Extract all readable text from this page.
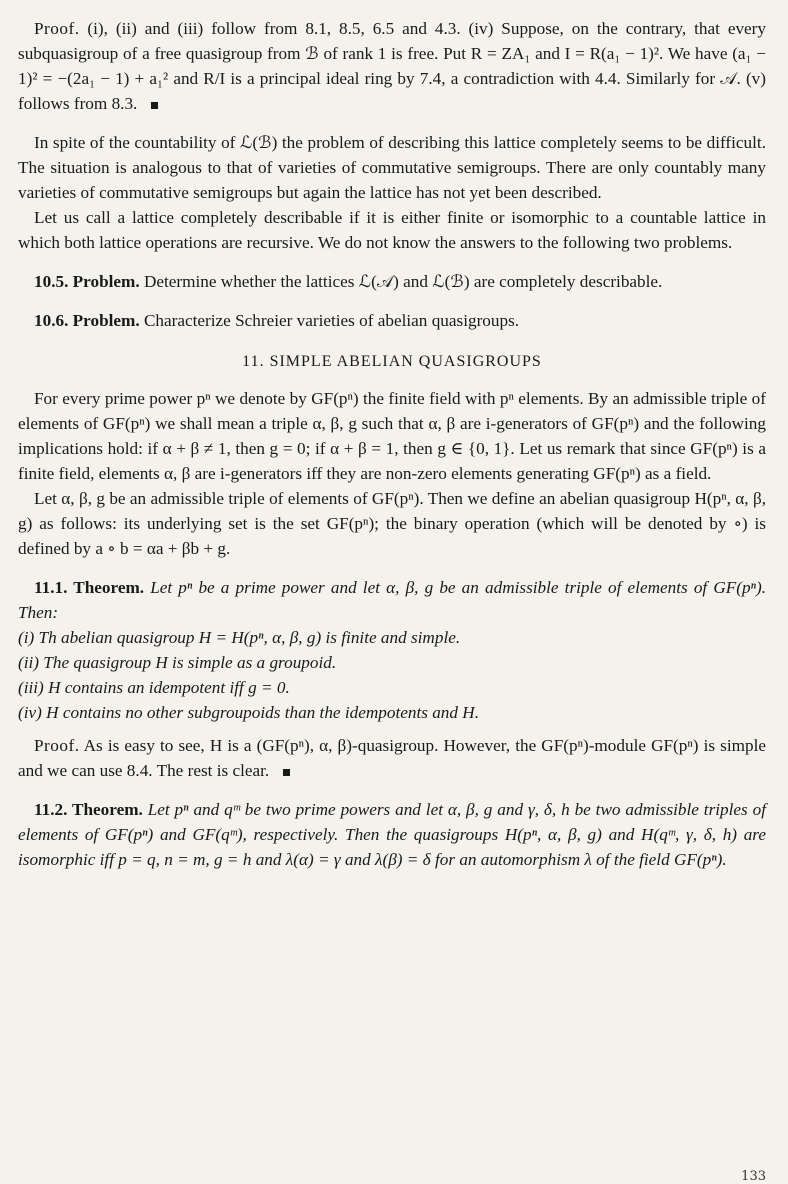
Proof. (i), (ii) and (iii) follow from 8.1, 8.5, 6.5 and 4.3. (iv) Suppose, on the contrary, that every subquasigroup of a free quasigroup from ℬ of rank 1 is free. Put R = ZA₁ and I = R(a₁ − 1)². We have (a₁ − 1)² = −(2a₁ − 1) + a₁² and R/I is a principal ideal ring by 7.4, a contradiction with 4.4. Similarly for 𝒜. (v) follows from 8.3.

In spite of the countability of ℒ(ℬ) the problem of describing this lattice completely seems to be difficult. The situation is analogous to that of varieties of commutative semigroups. There are only countably many varieties of commutative semigroups but again the lattice has not yet been described.

Let us call a lattice completely describable if it is either finite or isomorphic to a countable lattice in which both lattice operations are recursive. We do not know the answers to the following two problems.

10.5. Problem. Determine whether the lattices ℒ(𝒜) and ℒ(ℬ) are completely describable.

10.6. Problem. Characterize Schreier varieties of abelian quasigroups.

11. SIMPLE ABELIAN QUASIGROUPS

For every prime power pⁿ we denote by GF(pⁿ) the finite field with pⁿ elements. By an admissible triple of elements of GF(pⁿ) we shall mean a triple α, β, g such that α, β are i-generators of GF(pⁿ) and the following implications hold: if α + β ≠ 1, then g = 0; if α + β = 1, then g ∈ {0, 1}. Let us remark that since GF(pⁿ) is a finite field, elements α, β are i-generators iff they are non-zero elements generating GF(pⁿ) as a field.

Let α, β, g be an admissible triple of elements of GF(pⁿ). Then we define an abelian quasigroup H(pⁿ, α, β, g) as follows: its underlying set is the set GF(pⁿ); the binary operation (which will be denoted by ∘) is defined by a ∘ b = αa + βb + g.

11.1. Theorem. Let pⁿ be a prime power and let α, β, g be an admissible triple of elements of GF(pⁿ). Then:

(i) Th abelian quasigroup H = H(pⁿ, α, β, g) is finite and simple.

(ii) The quasigroup H is simple as a groupoid.

(iii) H contains an idempotent iff g = 0.

(iv) H contains no other subgroupoids than the idempotents and H.

Proof. As is easy to see, H is a (GF(pⁿ), α, β)-quasigroup. However, the GF(pⁿ)-module GF(pⁿ) is simple and we can use 8.4. The rest is clear.

11.2. Theorem. Let pⁿ and qᵐ be two prime powers and let α, β, g and γ, δ, h be two admissible triples of elements of GF(pⁿ) and GF(qᵐ), respectively. Then the quasigroups H(pⁿ, α, β, g) and H(qᵐ, γ, δ, h) are isomorphic iff p = q, n = m, g = h and λ(α) = γ and λ(β) = δ for an automorphism λ of the field GF(pⁿ).

133
